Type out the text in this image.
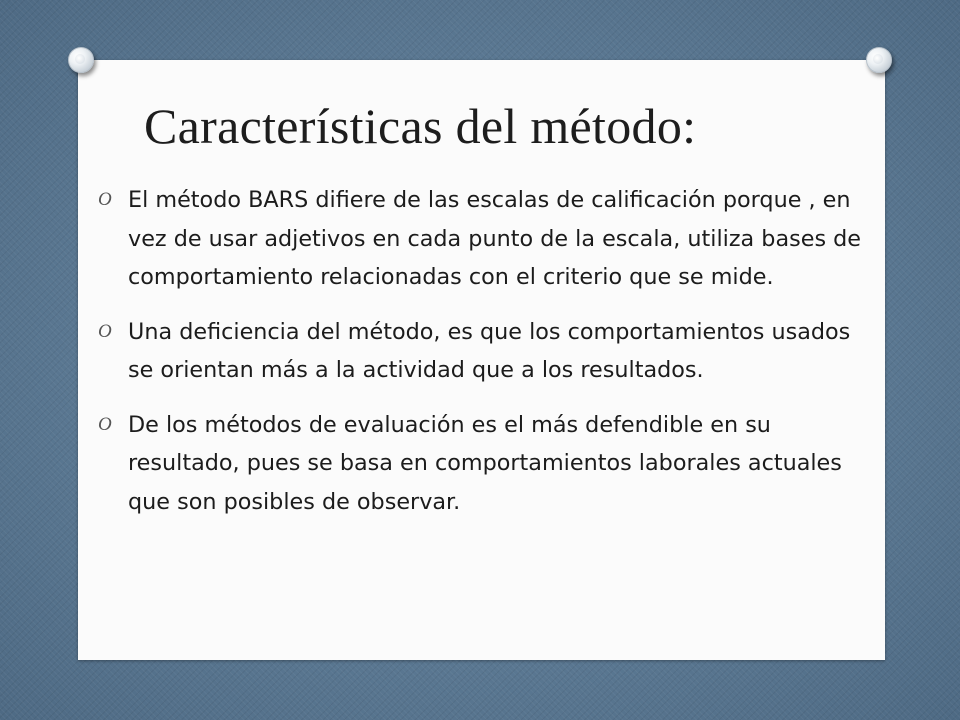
Características del método:
O El método BARS difiere de las escalas de calificación porque , en vez de usar adjetivos en cada punto de la escala, utiliza bases de comportamiento relacionadas con el criterio que se mide.
O Una deficiencia del método, es que los comportamientos usados se orientan más a la actividad que a los resultados.
O De los métodos de evaluación es el más defendible en su resultado, pues se basa en comportamientos laborales actuales que son posibles de observar.
